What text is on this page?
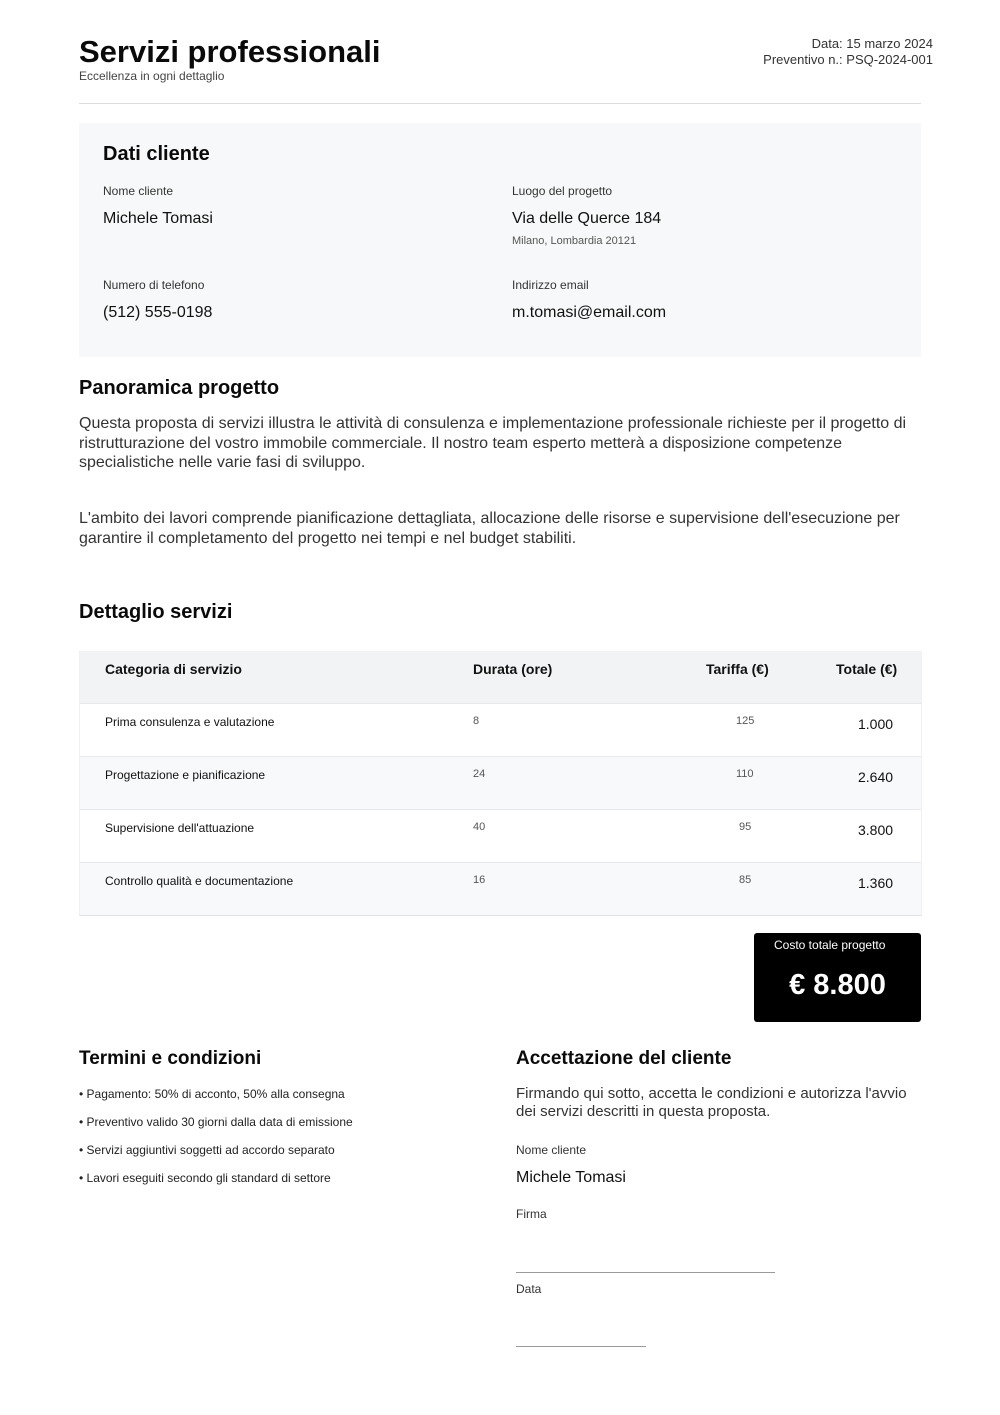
Servizi professionali
Eccellenza in ogni dettaglio
Data: 15 marzo 2024
Preventivo n.: PSQ-2024-001
Dati cliente
Nome cliente
Michele Tomasi
Luogo del progetto
Via delle Querce 184
Milano, Lombardia 20121
Numero di telefono
(512) 555-0198
Indirizzo email
m.tomasi@email.com
Panoramica progetto

Questa proposta di servizi illustra le attività di consulenza e implementazione professionale richieste per il progetto di ristrutturazione del vostro immobile commerciale. Il nostro team esperto metterà a disposizione competenze specialistiche nelle varie fasi di sviluppo.

L'ambito dei lavori comprende pianificazione dettagliata, allocazione delle risorse e supervisione dell'esecuzione per garantire il completamento del progetto nei tempi e nel budget stabiliti.

Dettaglio servizi
Categoria di servizio	Durata (ore)	Tariffa (€)	Totale (€)
Prima consulenza e valutazione	8	125	1.000
Progettazione e pianificazione	24	110	2.640
Supervisione dell'attuazione	40	95	3.800
Controllo qualità e documentazione	16	85	1.360
Costo totale progetto
€ 8.800
Termini e condizioni
• Pagamento: 50% di acconto, 50% alla consegna
• Preventivo valido 30 giorni dalla data di emissione
• Servizi aggiuntivi soggetti ad accordo separato
• Lavori eseguiti secondo gli standard di settore
Accettazione del cliente

Firmando qui sotto, accetta le condizioni e autorizza l'avvio dei servizi descritti in questa proposta.

Nome cliente
Michele Tomasi
Firma
Data
